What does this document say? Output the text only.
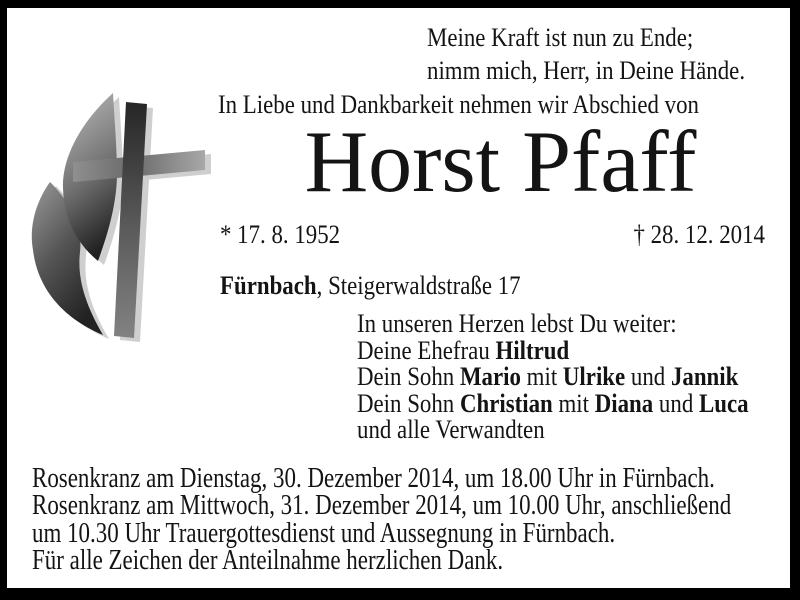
Meine Kraft ist nun zu Ende;
nimm mich, Herr, in Deine Hände.
In Liebe und Dankbarkeit nehmen wir Abschied von
Horst Pfaff
* 17. 8. 1952	† 28. 12. 2014
Fürnbach, Steigerwaldstraße 17
In unseren Herzen lebst Du weiter:
Deine Ehefrau Hiltrud
Dein Sohn Mario mit Ulrike und Jannik
Dein Sohn Christian mit Diana und Luca
und alle Verwandten
Rosenkranz am Dienstag, 30. Dezember 2014, um 18.00 Uhr in Fürnbach.
Rosenkranz am Mittwoch, 31. Dezember 2014, um 10.00 Uhr, anschließend
um 10.30 Uhr Trauergottesdienst und Aussegnung in Fürnbach.
Für alle Zeichen der Anteilnahme herzlichen Dank.
